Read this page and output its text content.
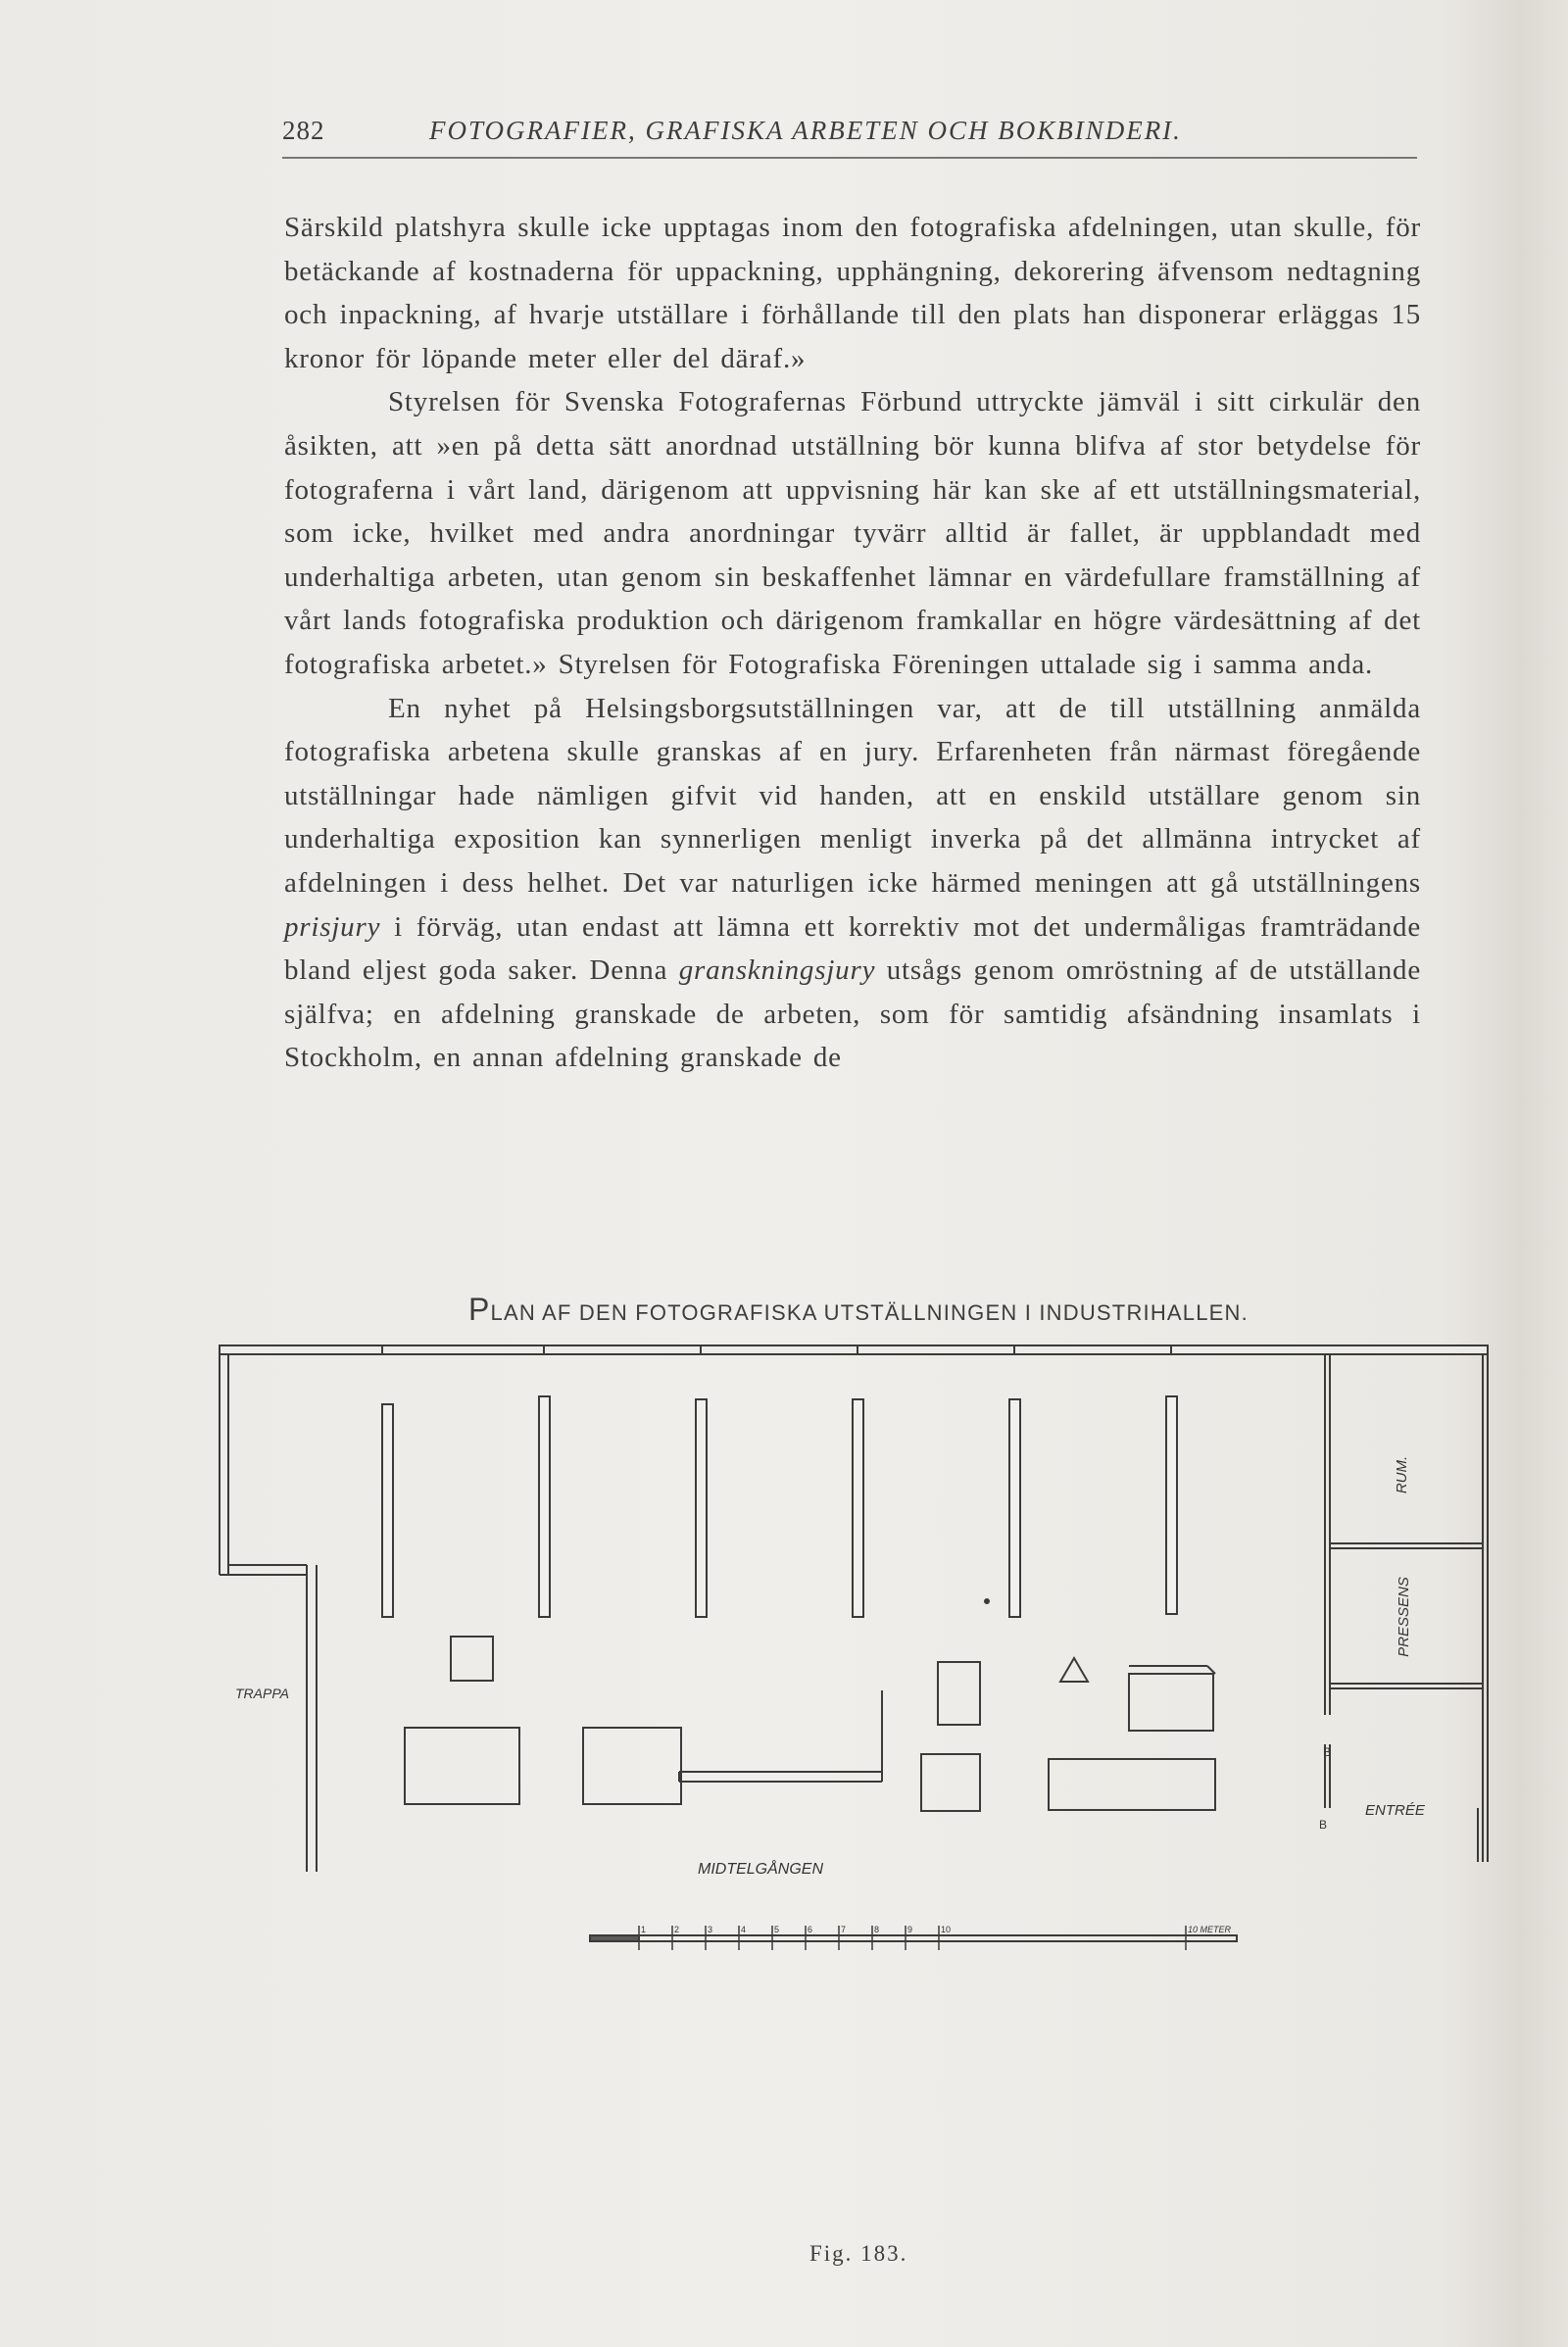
282	FOTOGRAFIER, GRAFISKA ARBETEN OCH BOKBINDERI.

Särskild platshyra skulle icke upptagas inom den fotografiska afdelningen, utan skulle, för betäckande af kostnaderna för uppackning, upphängning, dekorering äfvensom nedtagning och inpackning, af hvarje utställare i förhållande till den plats han disponerar erläggas 15 kronor för löpande meter eller del däraf.»

Styrelsen för Svenska Fotografernas Förbund uttryckte jämväl i sitt cirkulär den åsikten, att »en på detta sätt anordnad utställning bör kunna blifva af stor betydelse för fotograferna i vårt land, därigenom att uppvisning här kan ske af ett utställningsmaterial, som icke, hvilket med andra anordningar tyvärr alltid är fallet, är uppblandadt med underhaltiga arbeten, utan genom sin beskaffenhet lämnar en värdefullare framställning af vårt lands fotografiska produktion och därigenom framkallar en högre värdesättning af det fotografiska arbetet.» Styrelsen för Fotografiska Föreningen uttalade sig i samma anda.

En nyhet på Helsingsborgsutställningen var, att de till utställning anmälda fotografiska arbetena skulle granskas af en jury. Erfarenheten från närmast föregående utställningar hade nämligen gifvit vid handen, att en enskild utställare genom sin underhaltiga exposition kan synnerligen menligt inverka på det allmänna intrycket af afdelningen i dess helhet. Det var naturligen icke härmed meningen att gå utställningens prisjury i förväg, utan endast att lämna ett korrektiv mot det undermåligas framträdande bland eljest goda saker. Denna granskningsjury utsågs genom omröstning af de utställande själfva; en afdelning granskade de arbeten, som för samtidig afsändning insamlats i Stockholm, en annan afdelning granskade de

PLAN AF DEN FOTOGRAFISKA UTSTÄLLNINGEN I INDUSTRIHALLEN.
TRAPPA
RUM.
PRESSENS
ENTRÉE
MIDTELGÅNGEN
B
B
1	2	3	4	5	6	7	8	9	10	10 METER
Fig. 183.
